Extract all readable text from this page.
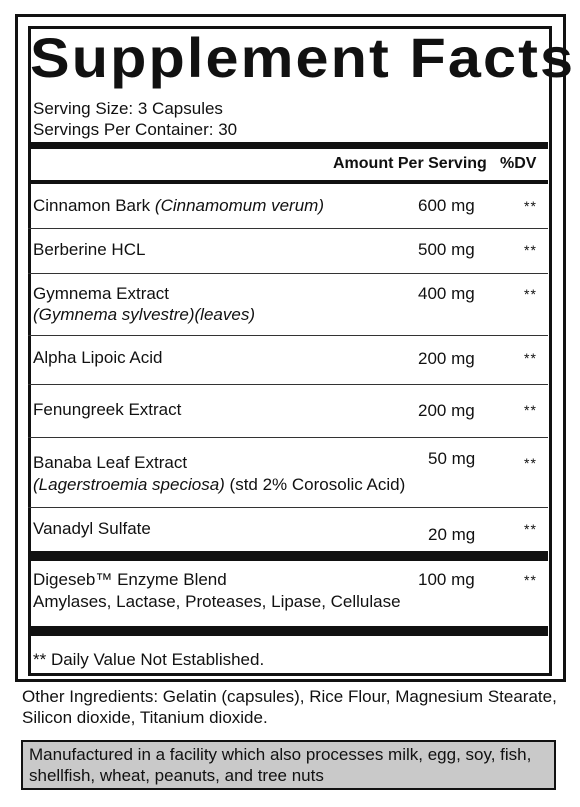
Supplement Facts
Serving Size: 3 Capsules
Servings Per Container: 30
Amount Per Serving %DV
Cinnamon Bark (Cinnamomum verum)	600 mg	**
Berberine HCL	500 mg	**
Gymnema Extract
(Gymnema sylvestre)(leaves)
400 mg	**
Alpha Lipoic Acid	200 mg	**
Fenungreek Extract	200 mg	**
Banaba Leaf Extract
(Lagerstroemia speciosa) (std 2% Corosolic Acid)
50 mg	**
Vanadyl Sulfate	20 mg	**
Digeseb™ Enzyme Blend
Amylases, Lactase, Proteases, Lipase, Cellulase
100 mg	**
** Daily Value Not Established.
Other Ingredients: Gelatin (capsules), Rice Flour, Magnesium Stearate, Silicon dioxide, Titanium dioxide.
Manufactured in a facility which also processes milk, egg, soy, fish, shellfish, wheat, peanuts, and tree nuts
